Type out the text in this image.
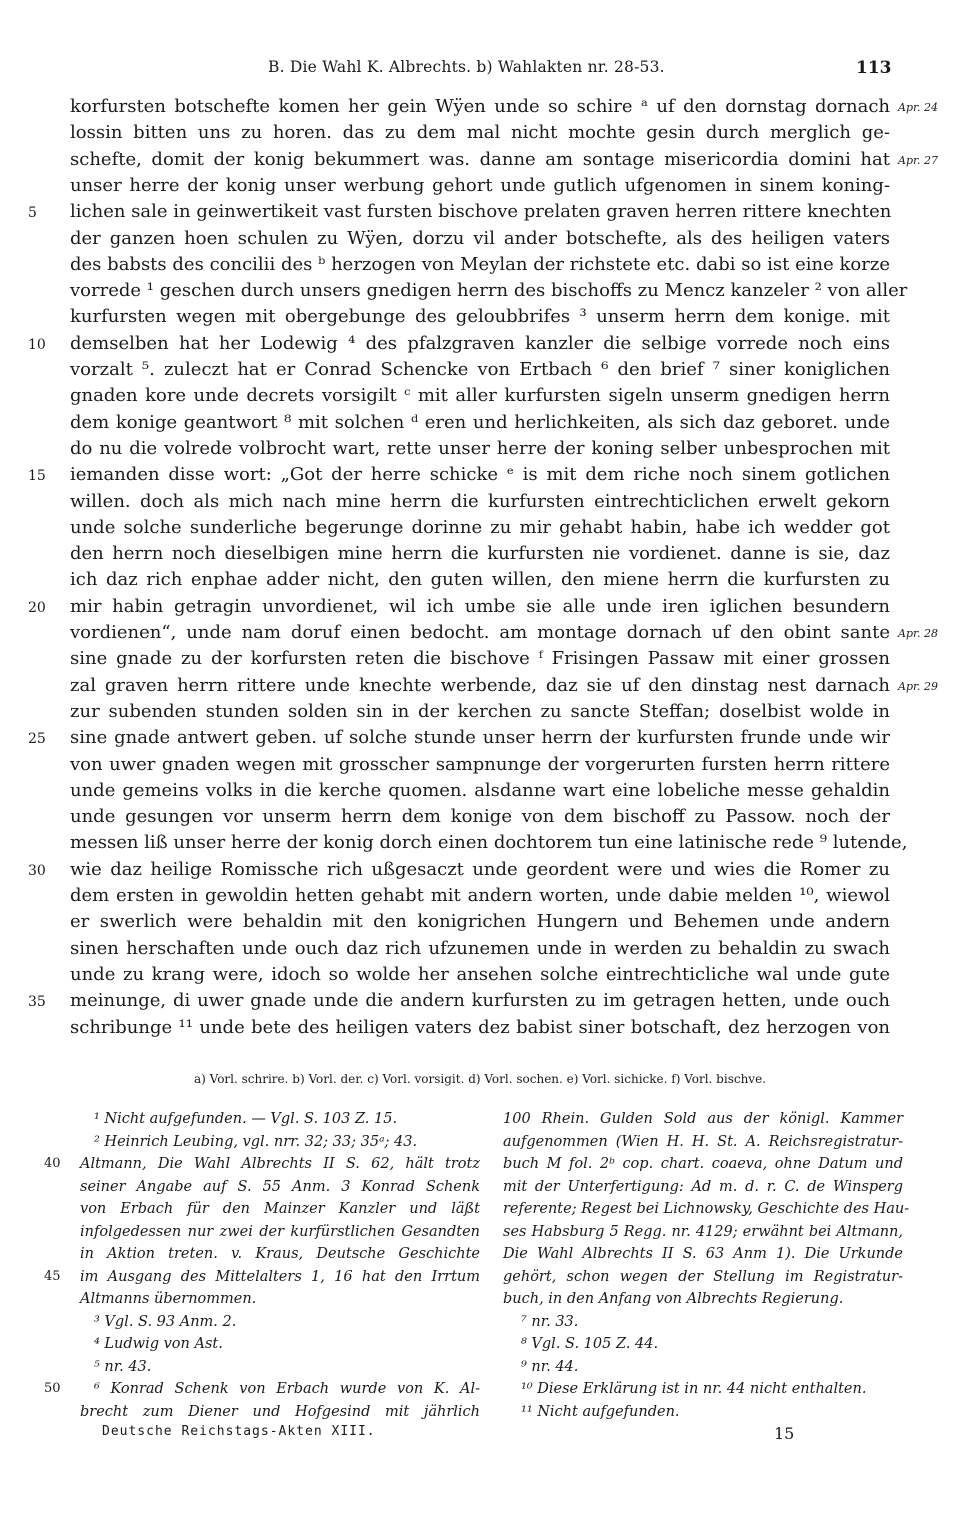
B. Die Wahl K. Albrechts. b) Wahlakten nr. 28-53.	113
korfursten botschefte komen her gein Wÿen unde so schire ᵃ uf den dornstag dornach Apr. 24
lossin bitten uns zu horen. das zu dem mal nicht mochte gesin durch merglich ge-
schefte, domit der konig bekummert was. danne am sontage misericordia domini hat Apr. 27
unser herre der konig unser werbung gehort unde gutlich ufgenomen in sinem koning-
lichen sale in geinwertikeit vast fursten bischove prelaten graven herren rittere knechten
5
der ganzen hoen schulen zu Wÿen, dorzu vil ander botschefte, als des heiligen vaters
des babsts des concilii des ᵇ herzogen von Meylan der richstete etc. dabi so ist eine korze
vorrede ¹ geschen durch unsers gnedigen herrn des bischoffs zu Mencz kanzeler ² von aller
kurfursten wegen mit obergebunge des geloubbrifes ³ unserm herrn dem konige. mit
demselben hat her Lodewig ⁴ des pfalzgraven kanzler die selbige vorrede noch eins
10
vorzalt ⁵. zuleczt hat er Conrad Schencke von Ertbach ⁶ den brief ⁷ siner koniglichen
gnaden kore unde decrets vorsigilt ᶜ mit aller kurfursten sigeln unserm gnedigen herrn
dem konige geantwort ⁸ mit solchen ᵈ eren und herlichkeiten, als sich daz geboret. unde
do nu die volrede volbrocht wart, rette unser herre der koning selber unbesprochen mit
iemanden disse wort: „Got der herre schicke ᵉ is mit dem riche noch sinem gotlichen
15
willen. doch als mich nach mine herrn die kurfursten eintrechticlichen erwelt gekorn
unde solche sunderliche begerunge dorinne zu mir gehabt habin, habe ich wedder got
den herrn noch dieselbigen mine herrn die kurfursten nie vordienet. danne is sie, daz
ich daz rich enphae adder nicht, den guten willen, den miene herrn die kurfursten zu
mir habin getragin unvordienet, wil ich umbe sie alle unde iren iglichen besundern
20
vordienen“, unde nam doruf einen bedocht. am montage dornach uf den obint sante Apr. 28
sine gnade zu der korfursten reten die bischove ᶠ Frisingen Passaw mit einer grossen
zal graven herrn rittere unde knechte werbende, daz sie uf den dinstag nest darnach Apr. 29
zur subenden stunden solden sin in der kerchen zu sancte Steffan; doselbist wolde in
sine gnade antwert geben. uf solche stunde unser herrn der kurfursten frunde unde wir
25
von uwer gnaden wegen mit grosscher sampnunge der vorgerurten fursten herrn rittere
unde gemeins volks in die kerche quomen. alsdanne wart eine lobeliche messe gehaldin
unde gesungen vor unserm herrn dem konige von dem bischoff zu Passow. noch der
messen liß unser herre der konig dorch einen dochtorem tun eine latinische rede ⁹ lutende,
wie daz heilige Romissche rich ußgesaczt unde geordent were und wies die Romer zu
30
dem ersten in gewoldin hetten gehabt mit andern worten, unde dabie melden ¹⁰, wiewol
er swerlich were behaldin mit den konigrichen Hungern und Behemen unde andern
sinen herschaften unde ouch daz rich ufzunemen unde in werden zu behaldin zu swach
unde zu krang were, idoch so wolde her ansehen solche eintrechticliche wal unde gute
meinunge, di uwer gnade unde die andern kurfursten zu im getragen hetten, unde ouch
35
schribunge ¹¹ unde bete des heiligen vaters dez babist siner botschaft, dez herzogen von
a) Vorl. schrire. b) Vorl. der. c) Vorl. vorsigit. d) Vorl. sochen. e) Vorl. sichicke. f) Vorl. bischve.
¹ Nicht aufgefunden. — Vgl. S. 103 Z. 15.
² Heinrich Leubing, vgl. nrr. 32; 33; 35ᵃ; 43.
Altmann, Die Wahl Albrechts II S. 62, hält trotz
40
seiner Angabe auf S. 55 Anm. 3 Konrad Schenk
von Erbach für den Mainzer Kanzler und läßt
infolgedessen nur zwei der kurfürstlichen Gesandten
in Aktion treten. v. Kraus, Deutsche Geschichte
im Ausgang des Mittelalters 1, 16 hat den Irrtum
45
Altmanns übernommen.
³ Vgl. S. 93 Anm. 2.
⁴ Ludwig von Ast.
⁵ nr. 43.
⁶ Konrad Schenk von Erbach wurde von K. Al-
50
brecht zum Diener und Hofgesind mit jährlich
100 Rhein. Gulden Sold aus der königl. Kammer
aufgenommen (Wien H. H. St. A. Reichsregistratur-
buch M fol. 2ᵇ cop. chart. coaeva, ohne Datum und
mit der Unterfertigung: Ad m. d. r. C. de Winsperg
referente; Regest bei Lichnowsky, Geschichte des Hau-
ses Habsburg 5 Regg. nr. 4129; erwähnt bei Altmann,
Die Wahl Albrechts II S. 63 Anm 1). Die Urkunde
gehört, schon wegen der Stellung im Registratur-
buch, in den Anfang von Albrechts Regierung.
⁷ nr. 33.
⁸ Vgl. S. 105 Z. 44.
⁹ nr. 44.
¹⁰ Diese Erklärung ist in nr. 44 nicht enthalten.
¹¹ Nicht aufgefunden.
Deutsche Reichstags-Akten XIII.	15
